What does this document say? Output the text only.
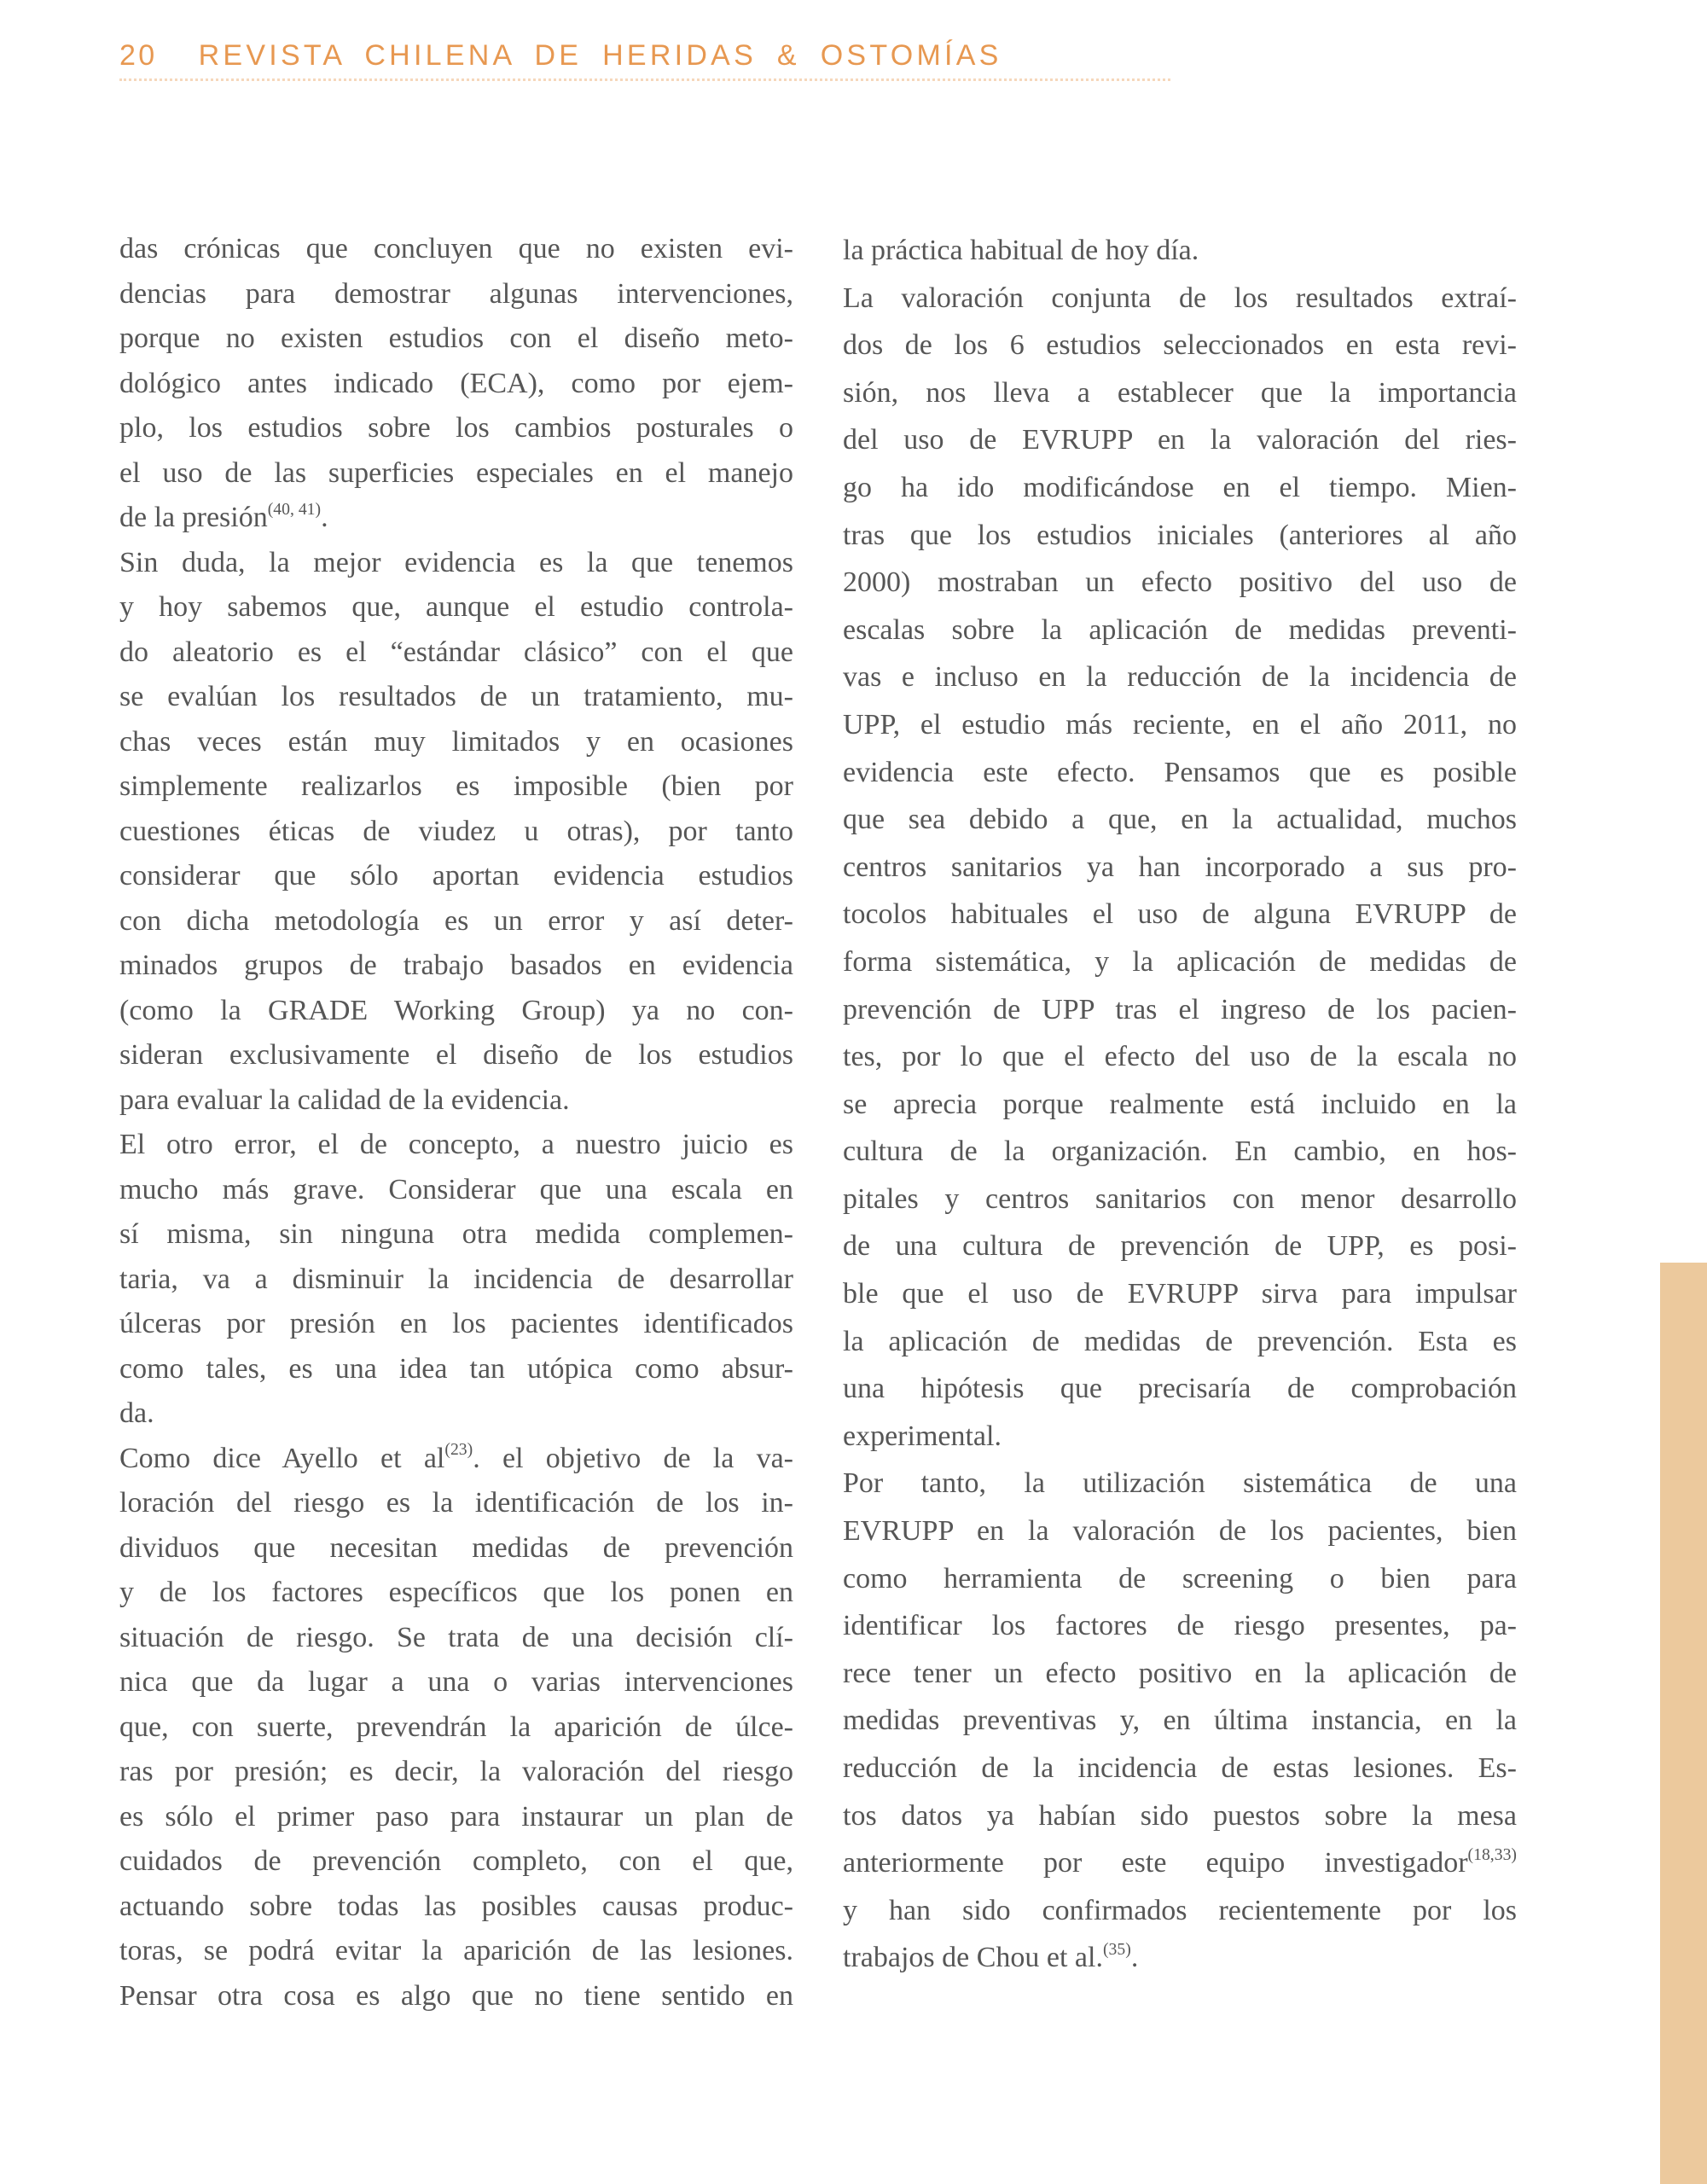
20 REVISTA CHILENA DE HERIDAS & OSTOMÍAS
das crónicas que concluyen que no existen evi-
dencias para demostrar algunas intervenciones,
porque no existen estudios con el diseño meto-
dológico antes indicado (ECA), como por ejem-
plo, los estudios sobre los cambios posturales o
el uso de las superficies especiales en el manejo
de la presión$^{(40, 41)}$.
Sin duda, la mejor evidencia es la que tenemos
y hoy sabemos que, aunque el estudio controla-
do aleatorio es el “estándar clásico” con el que
se evalúan los resultados de un tratamiento, mu-
chas veces están muy limitados y en ocasiones
simplemente realizarlos es imposible (bien por
cuestiones éticas de viudez u otras), por tanto
considerar que sólo aportan evidencia estudios
con dicha metodología es un error y así deter-
minados grupos de trabajo basados en evidencia
(como la GRADE Working Group) ya no con-
sideran exclusivamente el diseño de los estudios
para evaluar la calidad de la evidencia.
El otro error, el de concepto, a nuestro juicio es
mucho más grave. Considerar que una escala en
sí misma, sin ninguna otra medida complemen-
taria, va a disminuir la incidencia de desarrollar
úlceras por presión en los pacientes identificados
como tales, es una idea tan utópica como absur-
da.
Como dice Ayello et $al^{(23)}$. el objetivo de la va-
loración del riesgo es la identificación de los in-
dividuos que necesitan medidas de prevención
y de los factores específicos que los ponen en
situación de riesgo. Se trata de una decisión clí-
nica que da lugar a una o varias intervenciones
que, con suerte, prevendrán la aparición de úlce-
ras por presión; es decir, la valoración del riesgo
es sólo el primer paso para instaurar un plan de
cuidados de prevención completo, con el que,
actuando sobre todas las posibles causas produc-
toras, se podrá evitar la aparición de las lesiones.
Pensar otra cosa es algo que no tiene sentido en
la práctica habitual de hoy día.
La valoración conjunta de los resultados extraí-
dos de los 6 estudios seleccionados en esta revi-
sión, nos lleva a establecer que la importancia
del uso de EVRUPP en la valoración del ries-
go ha ido modificándose en el tiempo. Mien-
tras que los estudios iniciales (anteriores al año
2000) mostraban un efecto positivo del uso de
escalas sobre la aplicación de medidas preventi-
vas e incluso en la reducción de la incidencia de
UPP, el estudio más reciente, en el año 2011, no
evidencia este efecto. Pensamos que es posible
que sea debido a que, en la actualidad, muchos
centros sanitarios ya han incorporado a sus pro-
tocolos habituales el uso de alguna EVRUPP de
forma sistemática, y la aplicación de medidas de
prevención de UPP tras el ingreso de los pacien-
tes, por lo que el efecto del uso de la escala no
se aprecia porque realmente está incluido en la
cultura de la organización. En cambio, en hos-
pitales y centros sanitarios con menor desarrollo
de una cultura de prevención de UPP, es posi-
ble que el uso de EVRUPP sirva para impulsar
la aplicación de medidas de prevención. Esta es
una hipótesis que precisaría de comprobación
experimental.
Por tanto, la utilización sistemática de una
EVRUPP en la valoración de los pacientes, bien
como herramienta de screening o bien para
identificar los factores de riesgo presentes, pa-
rece tener un efecto positivo en la aplicación de
medidas preventivas y, en última instancia, en la
reducción de la incidencia de estas lesiones. Es-
tos datos ya habían sido puestos sobre la mesa
anteriormente por este equipo investigador$^{(18,33)}$
y han sido confirmados recientemente por los
trabajos de Chou et al.$^{(35)}$.
